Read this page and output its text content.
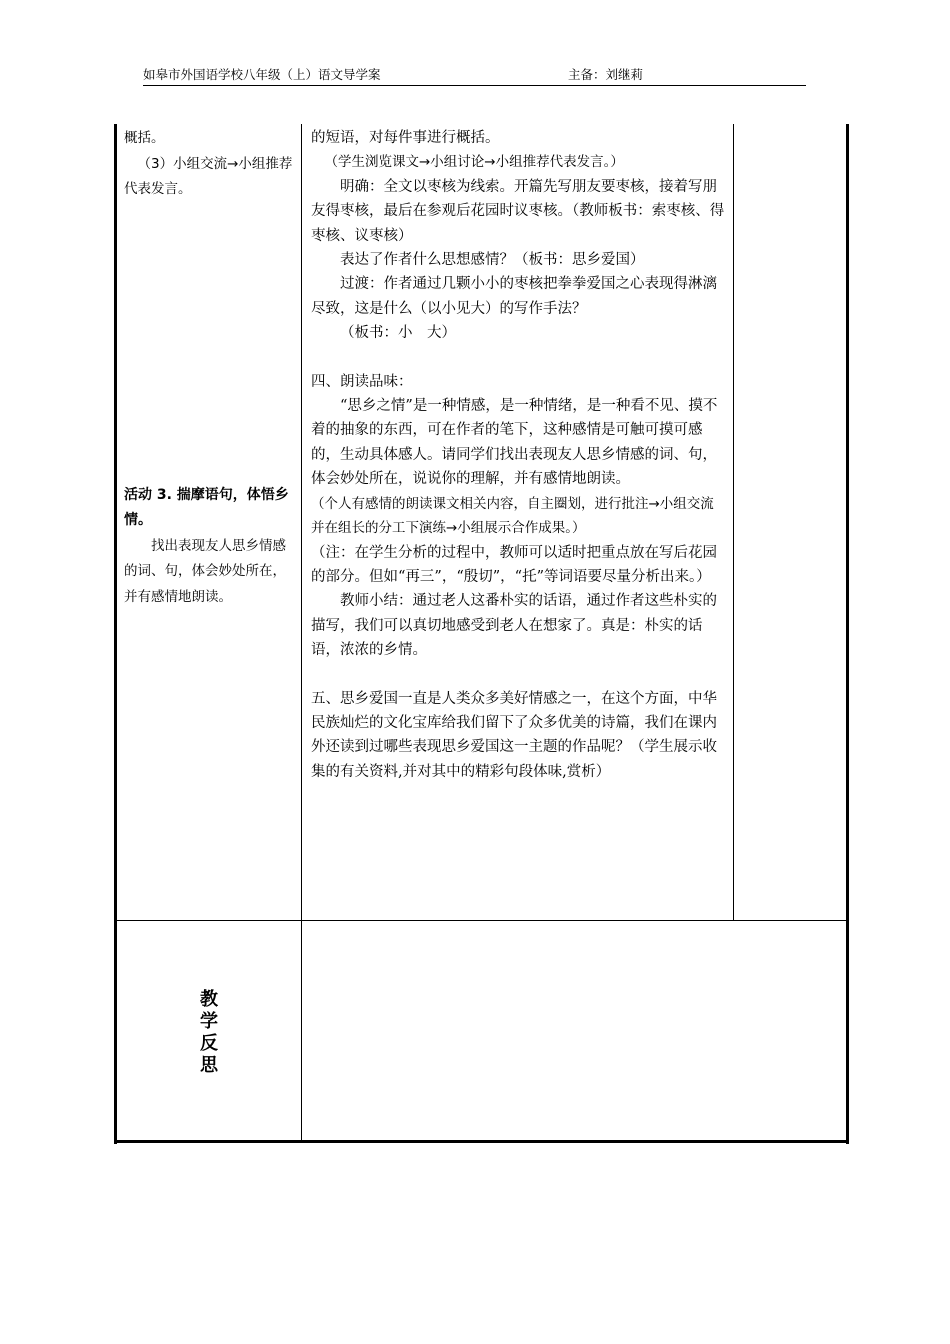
如皋市外国语学校八年级（上）语文导学案	主备：刘继莉

概括。

（3）小组交流→小组推荐代表发言。

活动 3. 揣摩语句，体悟乡情。

找出表现友人思乡情感的词、句，体会妙处所在，并有感情地朗读。

的短语，对每件事进行概括。

（学生浏览课文→小组讨论→小组推荐代表发言。）

明确：全文以枣核为线索。开篇先写朋友要枣核，接着写朋友得枣核，最后在参观后花园时议枣核。（教师板书：索枣核、得枣核、议枣核）

表达了作者什么思想感情？（板书：思乡爱国）

过渡：作者通过几颗小小的枣核把拳拳爱国之心表现得淋漓尽致，这是什么（以小见大）的写作手法？

（板书：小　大）

四、朗读品味：

“思乡之情”是一种情感，是一种情绪，是一种看不见、摸不着的抽象的东西，可在作者的笔下，这种感情是可触可摸可感的，生动具体感人。请同学们找出表现友人思乡情感的词、句，体会妙处所在，说说你的理解，并有感情地朗读。

（个人有感情的朗读课文相关内容，自主圈划，进行批注→小组交流并在组长的分工下演练→小组展示合作成果。）

（注：在学生分析的过程中，教师可以适时把重点放在写后花园的部分。但如“再三”，“殷切”，“托”等词语要尽量分析出来。）

教师小结：通过老人这番朴实的话语，通过作者这些朴实的描写，我们可以真切地感受到老人在想家了。真是：朴实的话语，浓浓的乡情。

五、思乡爱国一直是人类众多美好情感之一，在这个方面，中华民族灿烂的文化宝库给我们留下了众多优美的诗篇，我们在课内外还读到过哪些表现思乡爱国这一主题的作品呢？（学生展示收集的有关资料,并对其中的精彩句段体味,赏析）

教
学
反
思
